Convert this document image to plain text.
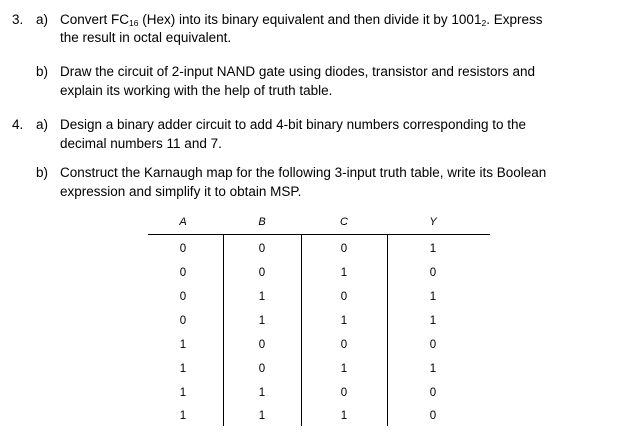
3. a) Convert $FC_{16}$ (Hex) into its binary equivalent and then divide it by $1001_2$. Express
the result in octal equivalent.
b) Draw the circuit of 2-input NAND gate using diodes, transistor and resistors and
explain its working with the help of truth table.
4. a) Design a binary adder circuit to add 4-bit binary numbers corresponding to the
decimal numbers 11 and 7.
b) Construct the Karnaugh map for the following 3-input truth table, write its Boolean
expression and simplify it to obtain MSP.
A	B	C	Y
0	0	0	1
0	0	1	0
0	1	0	1
0	1	1	1
1	0	0	0
1	0	1	1
1	1	0	0
1	1	1	0
